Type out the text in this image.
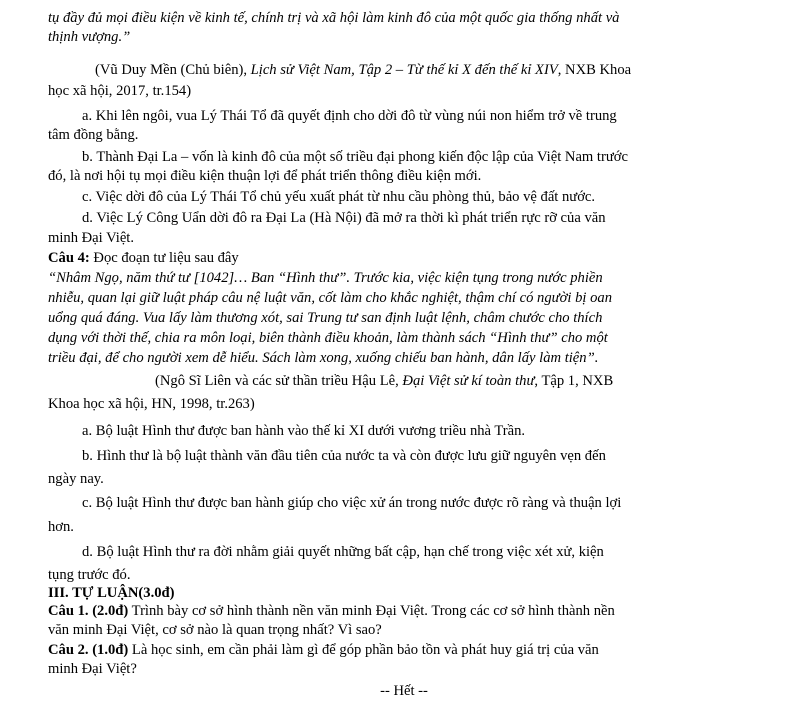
tụ đầy đủ mọi điều kiện về kinh tế, chính trị và xã hội làm kinh đô của một quốc gia thống nhất và
thịnh vượng.”
(Vũ Duy Mền (Chủ biên), Lịch sử Việt Nam, Tập 2 – Từ thế kỉ X đến thế kỉ XIV, NXB Khoa
học xã hội, 2017, tr.154)
a. Khi lên ngôi, vua Lý Thái Tổ đã quyết định cho dời đô từ vùng núi non hiểm trở về trung
tâm đồng bằng.
b. Thành Đại La – vốn là kinh đô của một số triều đại phong kiến độc lập của Việt Nam trước
đó, là nơi hội tụ mọi điều kiện thuận lợi để phát triển thông điều kiện mới.
c. Việc dời đô của Lý Thái Tổ chủ yếu xuất phát từ nhu cầu phòng thủ, bảo vệ đất nước.
d. Việc Lý Công Uẩn dời đô ra Đại La (Hà Nội) đã mở ra thời kì phát triển rực rỡ của văn
minh Đại Việt.
Câu 4: Đọc đoạn tư liệu sau đây
“Nhâm Ngọ, năm thứ tư [1042]… Ban “Hình thư”. Trước kia, việc kiện tụng trong nước phiền
nhiễu, quan lại giữ luật pháp câu nệ luật văn, cốt làm cho khắc nghiệt, thậm chí có người bị oan
uổng quá đáng. Vua lấy làm thương xót, sai Trung tư san định luật lệnh, châm chước cho thích
dụng với thời thế, chia ra môn loại, biên thành điều khoản, làm thành sách “Hình thư” cho một
triều đại, để cho người xem dễ hiểu. Sách làm xong, xuống chiếu ban hành, dân lấy làm tiện”.
(Ngô Sĩ Liên và các sử thần triều Hậu Lê, Đại Việt sử kí toàn thư, Tập 1, NXB
Khoa học xã hội, HN, 1998, tr.263)
a. Bộ luật Hình thư được ban hành vào thế kỉ XI dưới vương triều nhà Trần.
b. Hình thư là bộ luật thành văn đầu tiên của nước ta và còn được lưu giữ nguyên vẹn đến
ngày nay.
c. Bộ luật Hình thư được ban hành giúp cho việc xử án trong nước được rõ ràng và thuận lợi
hơn.
d. Bộ luật Hình thư ra đời nhằm giải quyết những bất cập, hạn chế trong việc xét xử, kiện
tụng trước đó.
III. TỰ LUẬN(3.0đ)
Câu 1. (2.0đ) Trình bày cơ sở hình thành nền văn minh Đại Việt. Trong các cơ sở hình thành nền
văn minh Đại Việt, cơ sở nào là quan trọng nhất? Vì sao?
Câu 2. (1.0đ) Là học sinh, em cần phải làm gì để góp phần bảo tồn và phát huy giá trị của văn
minh Đại Việt?
-- Hết --
